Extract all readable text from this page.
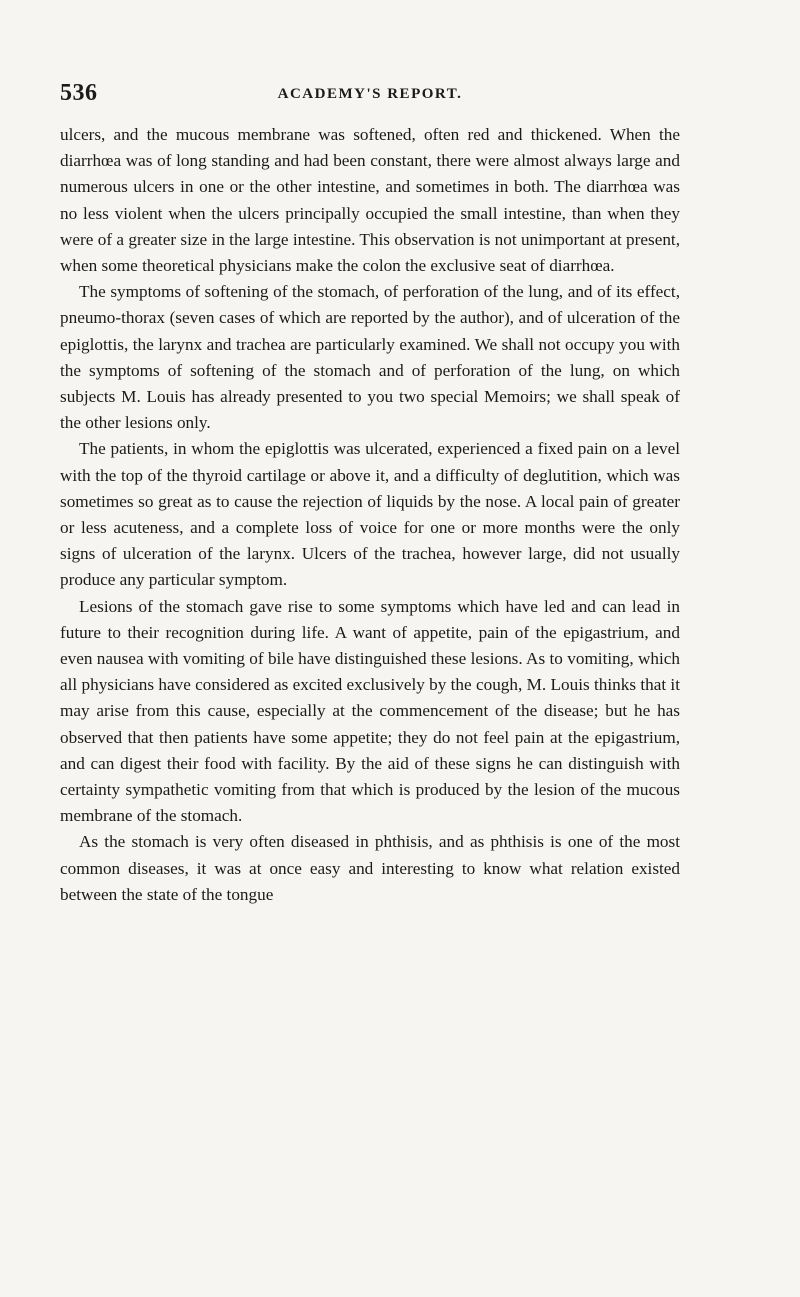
536	ACADEMY'S REPORT.

ulcers, and the mucous membrane was softened, often red and thickened. When the diarrhœa was of long standing and had been constant, there were almost always large and numerous ulcers in one or the other intestine, and sometimes in both. The diarrhœa was no less violent when the ulcers principally occupied the small intestine, than when they were of a greater size in the large intestine. This observation is not unimportant at present, when some theoretical physicians make the colon the exclusive seat of diarrhœa.

The symptoms of softening of the stomach, of perforation of the lung, and of its effect, pneumo-thorax (seven cases of which are reported by the author), and of ulceration of the epiglottis, the larynx and trachea are particularly examined. We shall not occupy you with the symptoms of softening of the stomach and of perforation of the lung, on which subjects M. Louis has already presented to you two special Memoirs; we shall speak of the other lesions only.

The patients, in whom the epiglottis was ulcerated, experienced a fixed pain on a level with the top of the thyroid cartilage or above it, and a difficulty of deglutition, which was sometimes so great as to cause the rejection of liquids by the nose. A local pain of greater or less acuteness, and a complete loss of voice for one or more months were the only signs of ulceration of the larynx. Ulcers of the trachea, however large, did not usually produce any particular symptom.

Lesions of the stomach gave rise to some symptoms which have led and can lead in future to their recognition during life. A want of appetite, pain of the epigastrium, and even nausea with vomiting of bile have distinguished these lesions. As to vomiting, which all physicians have considered as excited exclusively by the cough, M. Louis thinks that it may arise from this cause, especially at the commencement of the disease; but he has observed that then patients have some appetite; they do not feel pain at the epigastrium, and can digest their food with facility. By the aid of these signs he can distinguish with certainty sympathetic vomiting from that which is produced by the lesion of the mucous membrane of the stomach.

As the stomach is very often diseased in phthisis, and as phthisis is one of the most common diseases, it was at once easy and interesting to know what relation existed between the state of the tongue
